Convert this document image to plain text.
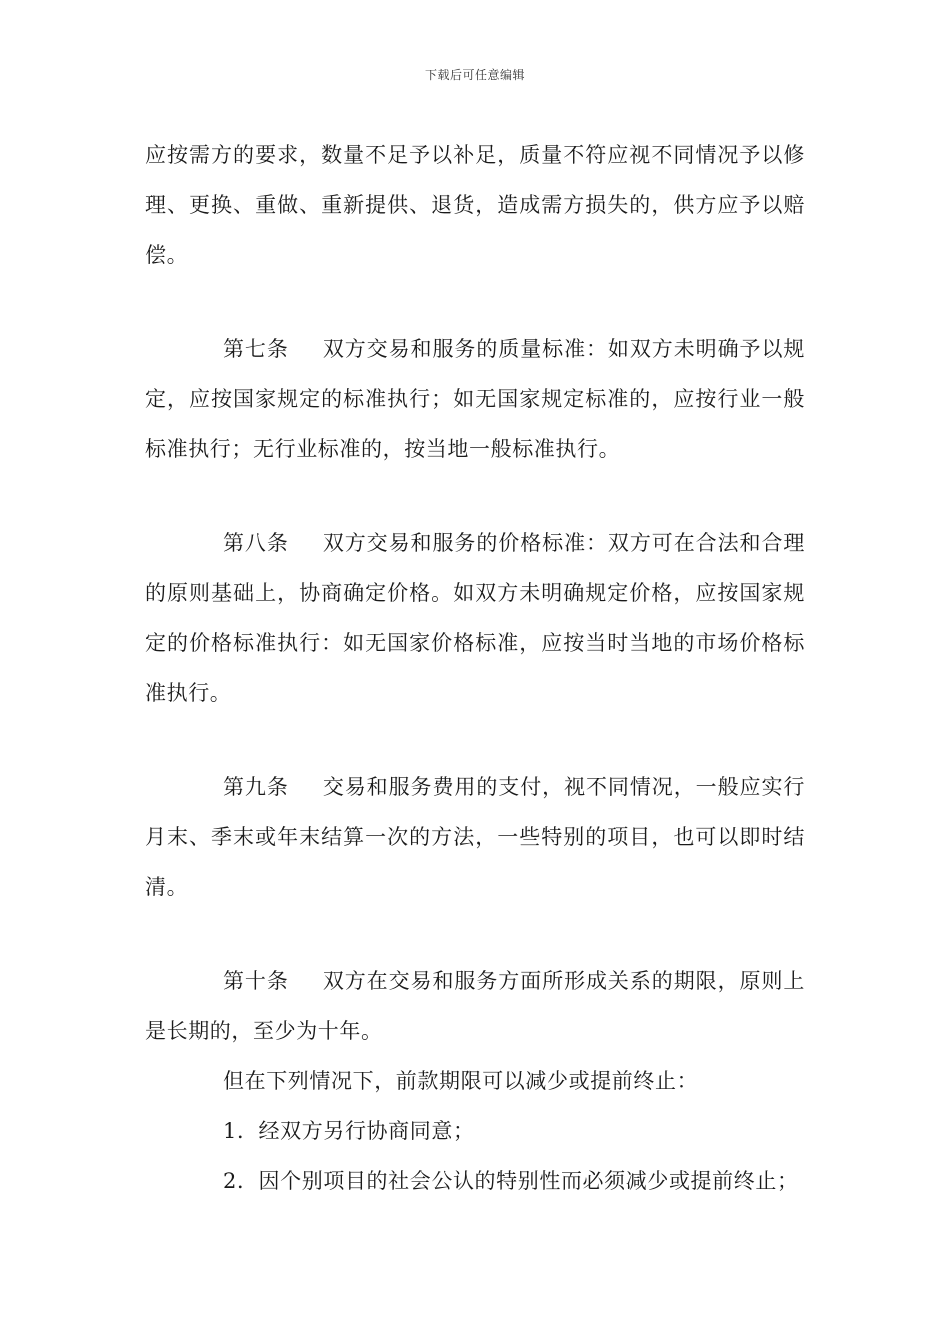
下载后可任意编辑

应按需方的要求，数量不足予以补足，质量不符应视不同情况予以修理、更换、重做、重新提供、退货，造成需方损失的，供方应予以赔偿。

第七条 双方交易和服务的质量标准：如双方未明确予以规定，应按国家规定的标准执行；如无国家规定标准的，应按行业一般标准执行；无行业标准的，按当地一般标准执行。

第八条 双方交易和服务的价格标准：双方可在合法和合理的原则基础上，协商确定价格。如双方未明确规定价格，应按国家规定的价格标准执行：如无国家价格标准，应按当时当地的市场价格标准执行。

第九条 交易和服务费用的支付，视不同情况，一般应实行月末、季末或年末结算一次的方法，一些特别的项目，也可以即时结清。

第十条 双方在交易和服务方面所形成关系的期限，原则上是长期的，至少为十年。

但在下列情况下，前款期限可以减少或提前终止：

1．经双方另行协商同意；

2．因个别项目的社会公认的特别性而必须减少或提前终止；
